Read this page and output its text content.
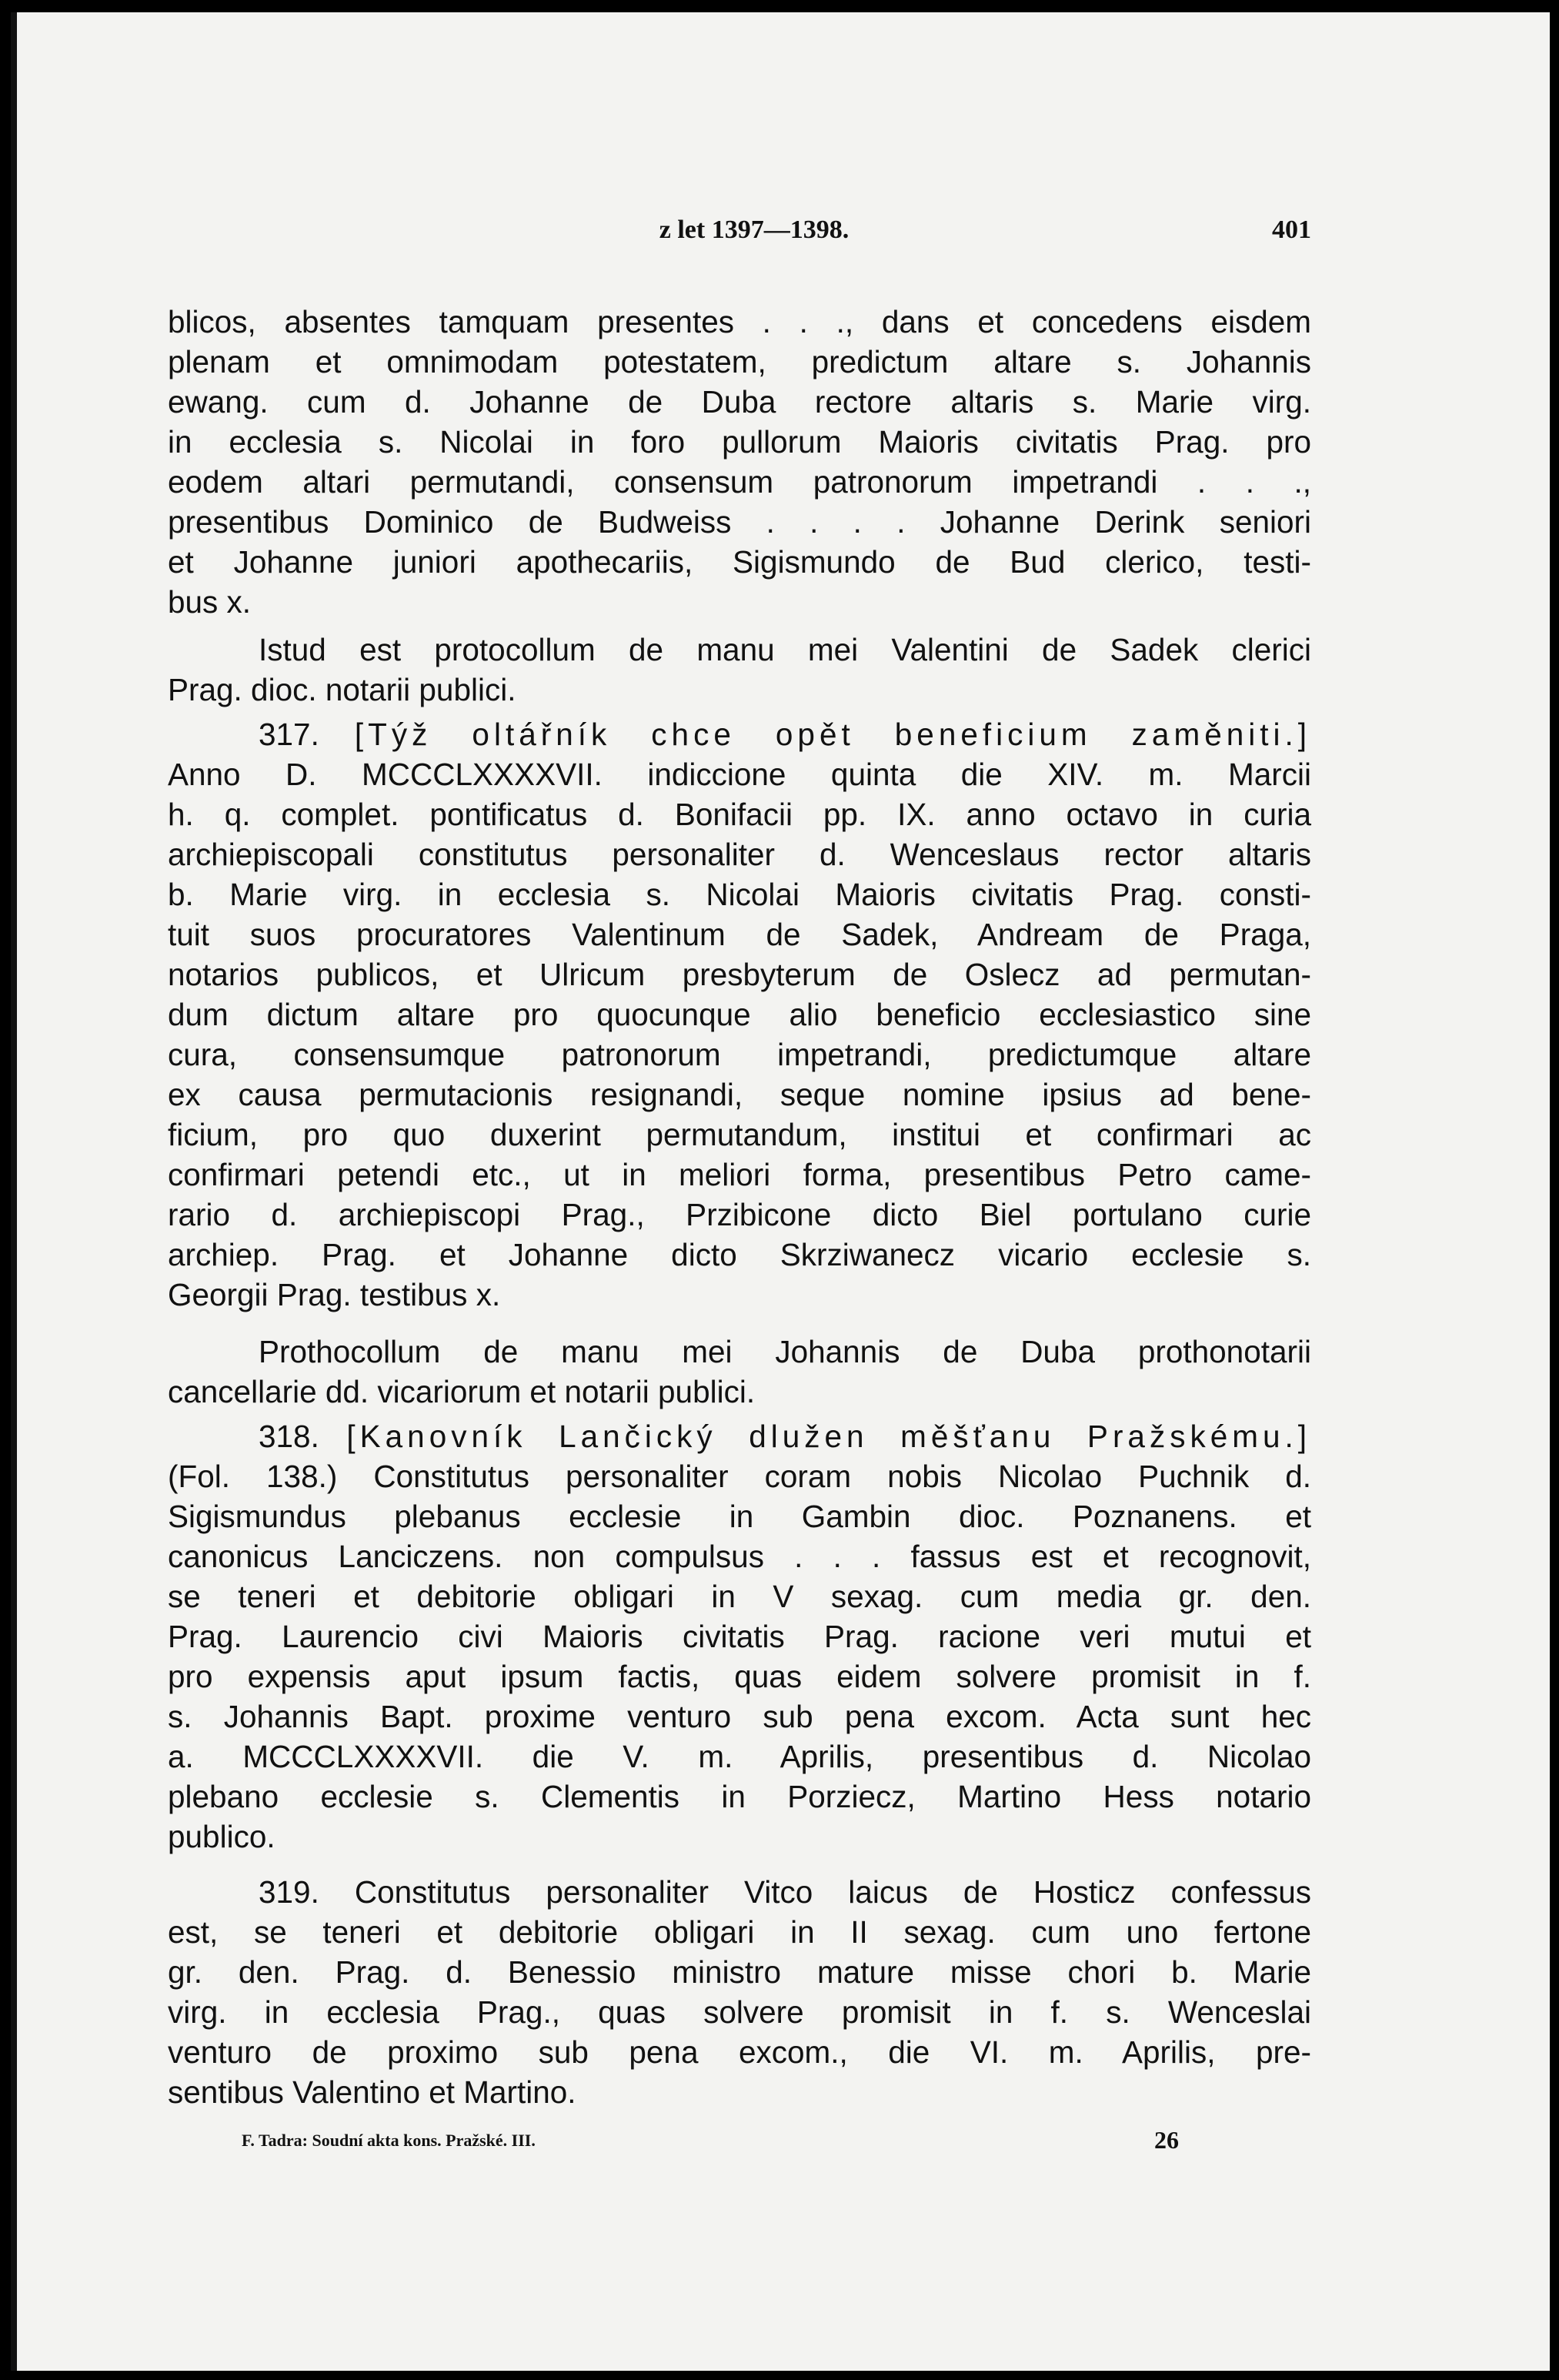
z let 1397—1398.	401
blicos, absentes tamquam presentes . . ., dans et concedens eisdem
plenam et omnimodam potestatem, predictum altare s. Johannis
ewang. cum d. Johanne de Duba rectore altaris s. Marie virg.
in ecclesia s. Nicolai in foro pullorum Maioris civitatis Prag. pro
eodem altari permutandi, consensum patronorum impetrandi . . .,
presentibus Dominico de Budweiss . . . . Johanne Derink seniori
et Johanne juniori apothecariis, Sigismundo de Bud clerico, testi-
bus x.
Istud est protocollum de manu mei Valentini de Sadek clerici
Prag. dioc. notarii publici.
317. [Týž oltářník chce opět beneficium zaměniti.]
Anno D. MCCCLXXXXVII. indiccione quinta die XIV. m. Marcii
h. q. complet. pontificatus d. Bonifacii pp. IX. anno octavo in curia
archiepiscopali constitutus personaliter d. Wenceslaus rector altaris
b. Marie virg. in ecclesia s. Nicolai Maioris civitatis Prag. consti-
tuit suos procuratores Valentinum de Sadek, Andream de Praga,
notarios publicos, et Ulricum presbyterum de Oslecz ad permutan-
dum dictum altare pro quocunque alio beneficio ecclesiastico sine
cura, consensumque patronorum impetrandi, predictumque altare
ex causa permutacionis resignandi, seque nomine ipsius ad bene-
ficium, pro quo duxerint permutandum, institui et confirmari ac
confirmari petendi etc., ut in meliori forma, presentibus Petro came-
rario d. archiepiscopi Prag., Przibicone dicto Biel portulano curie
archiep. Prag. et Johanne dicto Skrziwanecz vicario ecclesie s.
Georgii Prag. testibus x.
Prothocollum de manu mei Johannis de Duba prothonotarii
cancellarie dd. vicariorum et notarii publici.
318. [Kanovník Lančický dlužen měšťanu Pražskému.]
(Fol. 138.) Constitutus personaliter coram nobis Nicolao Puchnik d.
Sigismundus plebanus ecclesie in Gambin dioc. Poznanens. et
canonicus Lanciczens. non compulsus . . . fassus est et recognovit,
se teneri et debitorie obligari in V sexag. cum media gr. den.
Prag. Laurencio civi Maioris civitatis Prag. racione veri mutui et
pro expensis aput ipsum factis, quas eidem solvere promisit in f.
s. Johannis Bapt. proxime venturo sub pena excom. Acta sunt hec
a. MCCCLXXXXVII. die V. m. Aprilis, presentibus d. Nicolao
plebano ecclesie s. Clementis in Porziecz, Martino Hess notario
publico.
319. Constitutus personaliter Vitco laicus de Hosticz confessus
est, se teneri et debitorie obligari in II sexag. cum uno fertone
gr. den. Prag. d. Benessio ministro mature misse chori b. Marie
virg. in ecclesia Prag., quas solvere promisit in f. s. Wenceslai
venturo de proximo sub pena excom., die VI. m. Aprilis, pre-
sentibus Valentino et Martino.
F. Tadra: Soudní akta kons. Pražské. III.	26
